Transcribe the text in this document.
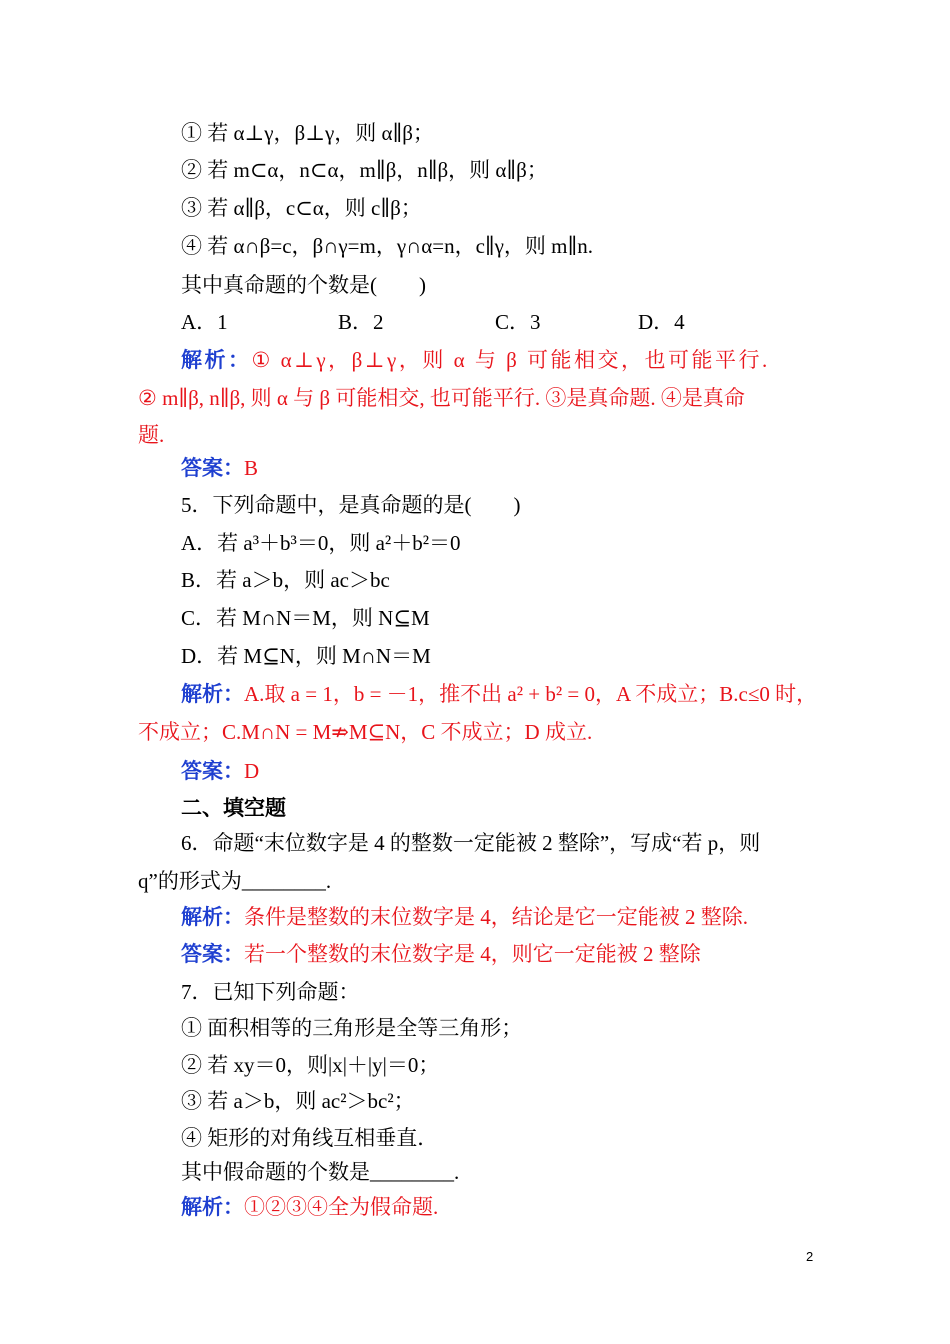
① 若 α⊥γ，β⊥γ，则 α∥β；
② 若 m⊂α，n⊂α，m∥β，n∥β，则 α∥β；
③ 若 α∥β，c⊂α，则 c∥β；
④ 若 α∩β=c，β∩γ=m，γ∩α=n，c∥γ，则 m∥n.
其中真命题的个数是(　　)
A．1	B．2	C．3	D．4
解析：① α⊥γ，β⊥γ，则 α 与 β 可能相交，也可能平行.
② m∥β, n∥β, 则 α 与 β 可能相交, 也可能平行. ③是真命题. ④是真命
题.
答案：B
5．下列命题中，是真命题的是(　　)
A．若 a³＋b³＝0，则 a²＋b²＝0
B．若 a＞b，则 ac＞bc
C．若 M∩N＝M，则 N⊆M
D．若 M⊆N，则 M∩N＝M
解析：A.取 a = 1，b = －1，推不出 a² + b² = 0，A 不成立；B.c≤0 时，
不成立；C.M∩N = M⇏M⊆N，C 不成立；D 成立.
答案：D
二、填空题
6．命题“末位数字是 4 的整数一定能被 2 整除”，写成“若 p，则
q”的形式为________.
解析：条件是整数的末位数字是 4，结论是它一定能被 2 整除.
答案：若一个整数的末位数字是 4，则它一定能被 2 整除
7．已知下列命题：
① 面积相等的三角形是全等三角形；
② 若 xy＝0，则|x|＋|y|＝0；
③ 若 a＞b，则 ac²＞bc²；
④ 矩形的对角线互相垂直．
其中假命题的个数是________.
解析：①②③④全为假命题.
2
